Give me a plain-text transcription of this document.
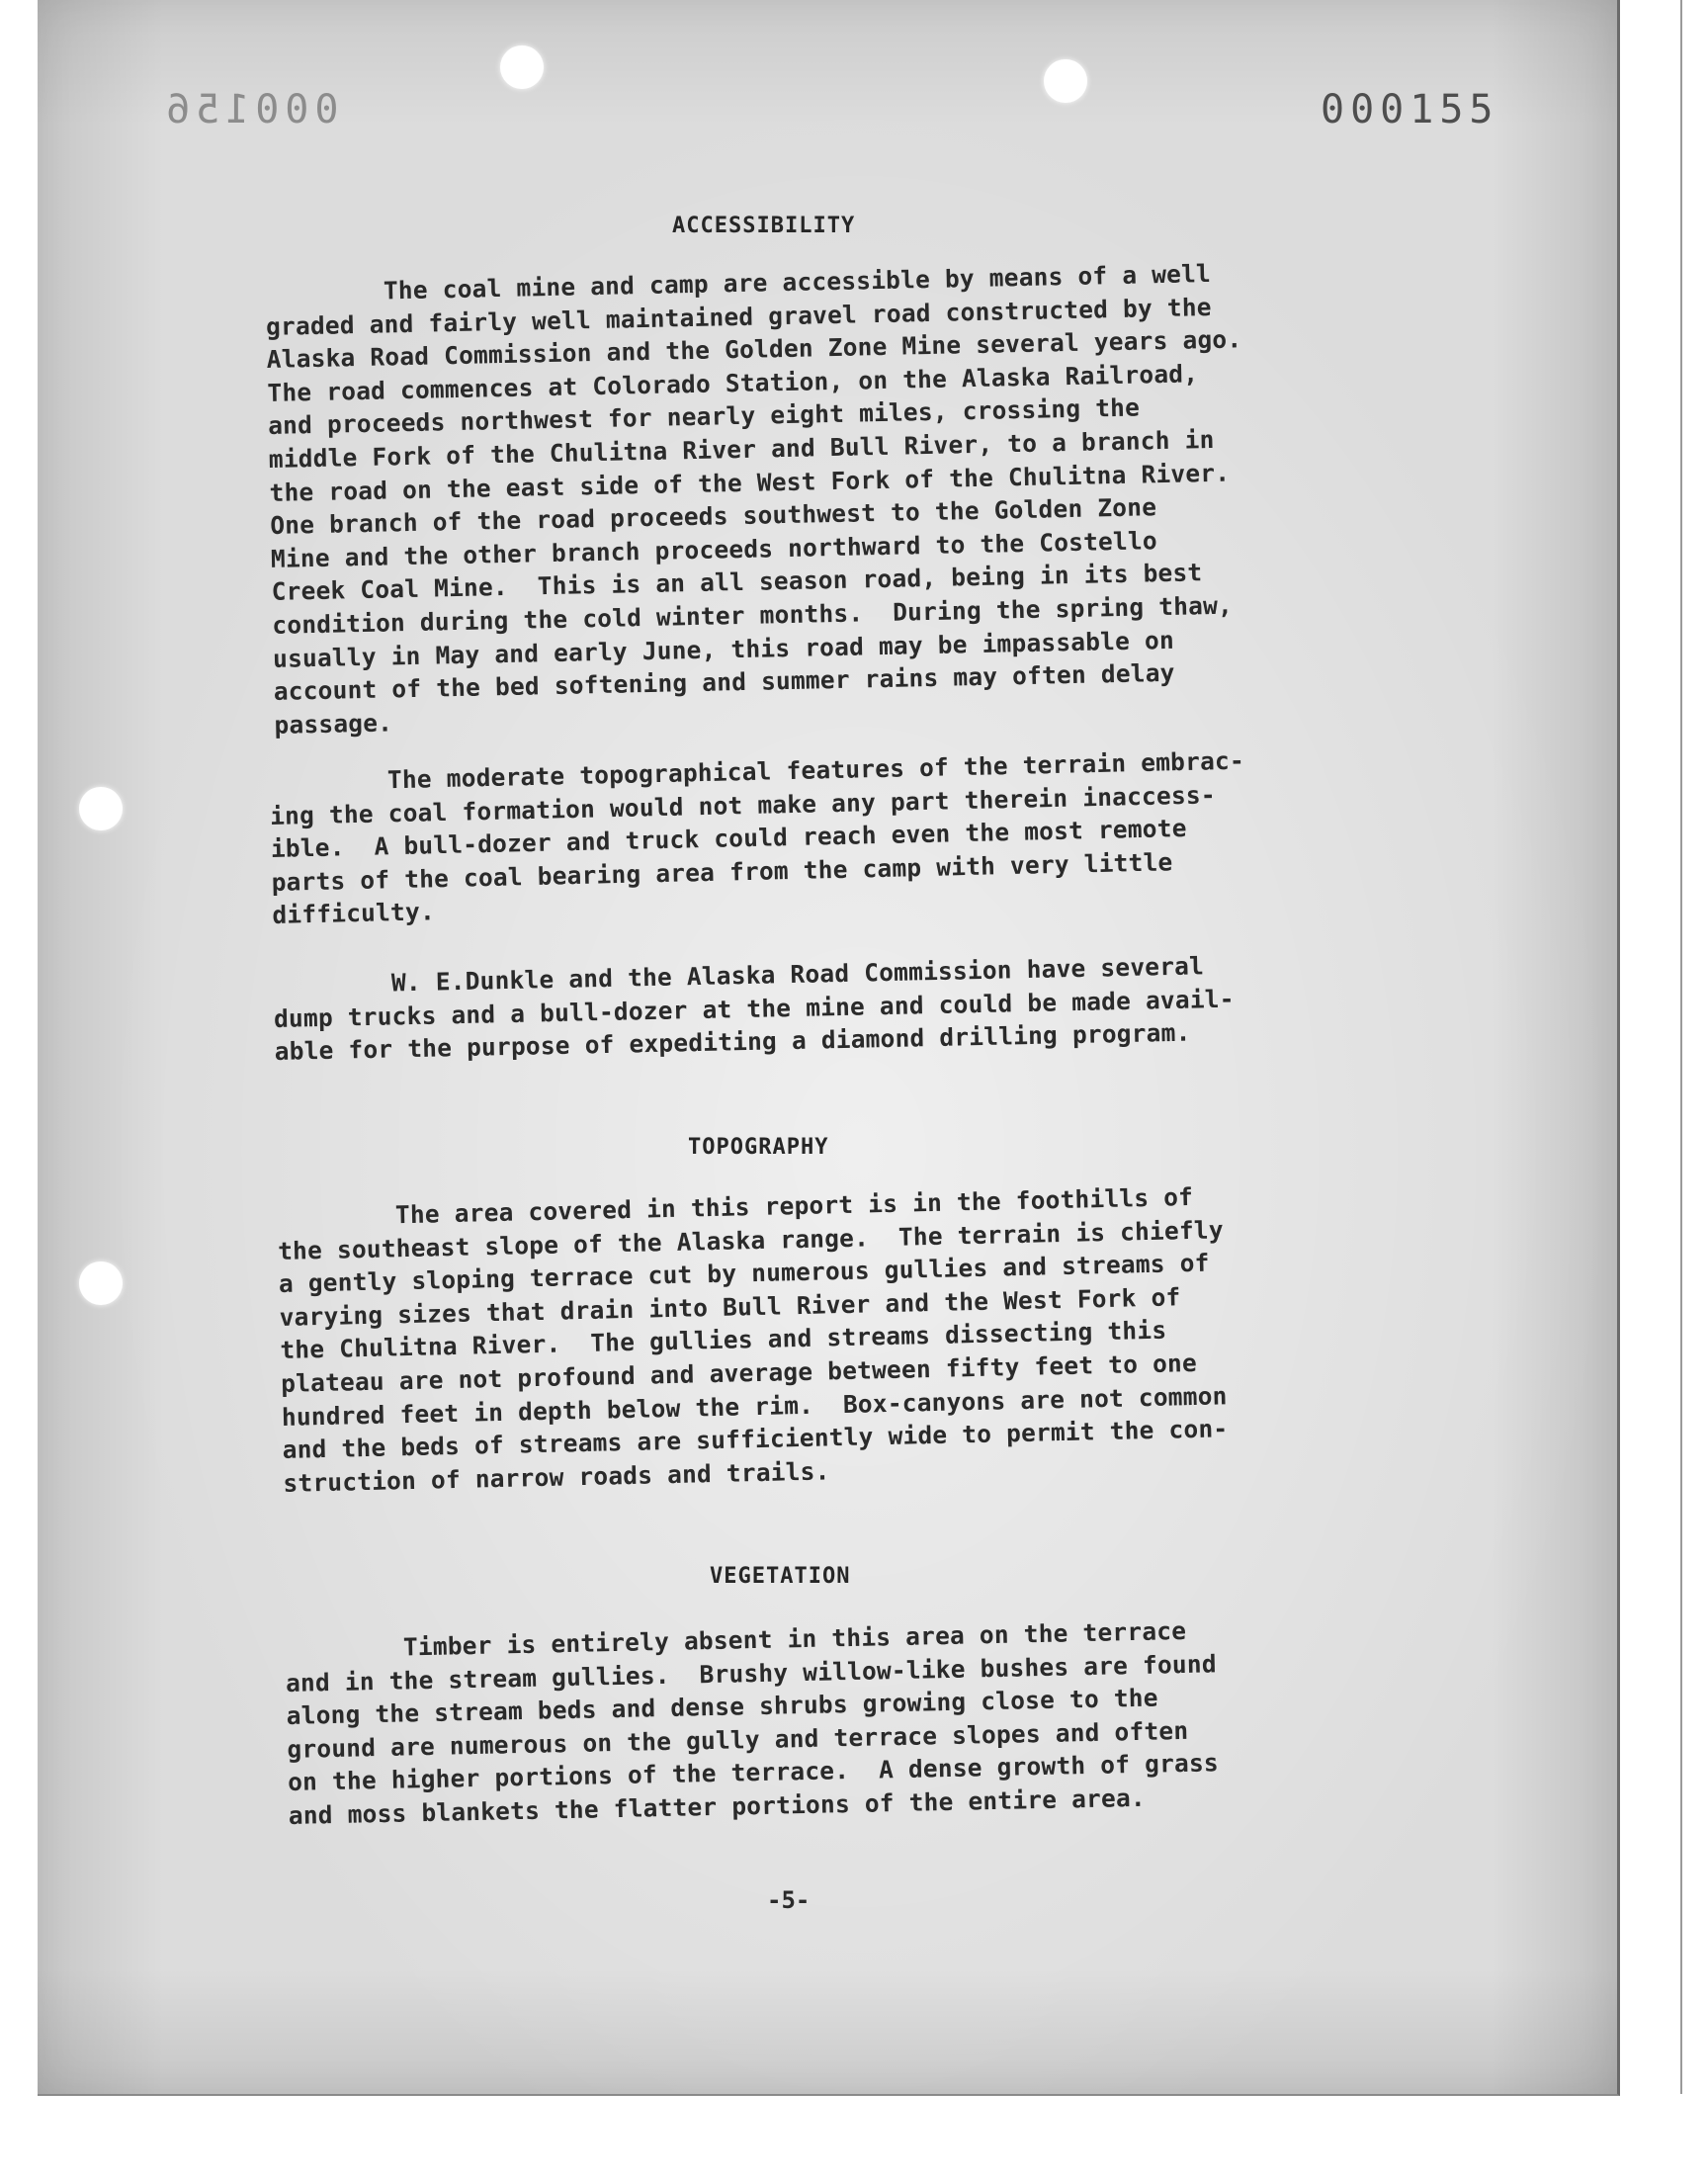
000156	000155
ACCESSIBILITY
The coal mine and camp are accessible by means of a well
graded and fairly well maintained gravel road constructed by the
Alaska Road Commission and the Golden Zone Mine several years ago.
The road commences at Colorado Station, on the Alaska Railroad,
and proceeds northwest for nearly eight miles, crossing the
middle Fork of the Chulitna River and Bull River, to a branch in
the road on the east side of the West Fork of the Chulitna River.
One branch of the road proceeds southwest to the Golden Zone
Mine and the other branch proceeds northward to the Costello
Creek Coal Mine.  This is an all season road, being in its best
condition during the cold winter months.  During the spring thaw,
usually in May and early June, this road may be impassable on
account of the bed softening and summer rains may often delay
passage.
The moderate topographical features of the terrain embrac-
ing the coal formation would not make any part therein inaccess-
ible.  A bull-dozer and truck could reach even the most remote
parts of the coal bearing area from the camp with very little
difficulty.
W. E.Dunkle and the Alaska Road Commission have several
dump trucks and a bull-dozer at the mine and could be made avail-
able for the purpose of expediting a diamond drilling program.
TOPOGRAPHY
The area covered in this report is in the foothills of
the southeast slope of the Alaska range.  The terrain is chiefly
a gently sloping terrace cut by numerous gullies and streams of
varying sizes that drain into Bull River and the West Fork of
the Chulitna River.  The gullies and streams dissecting this
plateau are not profound and average between fifty feet to one
hundred feet in depth below the rim.  Box-canyons are not common
and the beds of streams are sufficiently wide to permit the con-
struction of narrow roads and trails.
VEGETATION
Timber is entirely absent in this area on the terrace
and in the stream gullies.  Brushy willow-like bushes are found
along the stream beds and dense shrubs growing close to the
ground are numerous on the gully and terrace slopes and often
on the higher portions of the terrace.  A dense growth of grass
and moss blankets the flatter portions of the entire area.
-5-
